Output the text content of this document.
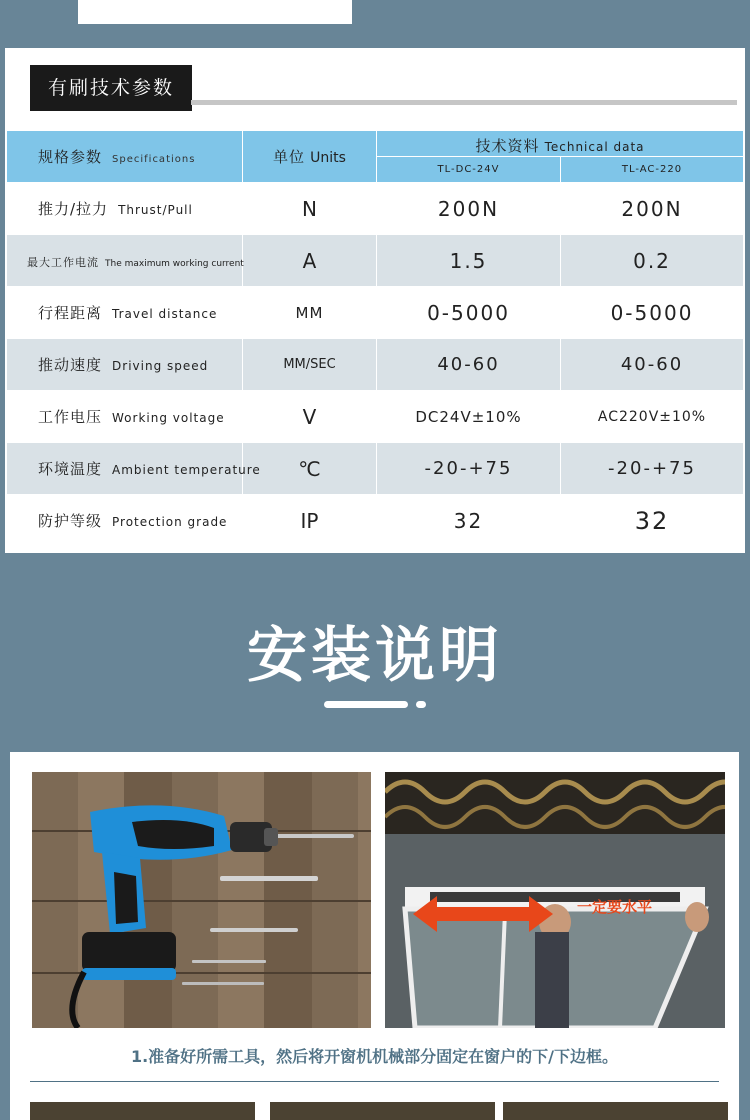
有刷技术参数
规格参数 Specifications	单位 Units	技术资料 Technical data	
		TL-DC-24V	TL-AC-220
推力/拉力 Thrust/Pull	N	200N	200N
最大工作电流 The maximum working current	A	1.5	0.2
行程距离 Travel distance	MM	0-5000	0-5000
推动速度 Driving speed	MM/SEC	40-60	40-60
工作电压 Working voltage	V	DC24V±10%	AC220V±10%
环境温度 Ambient temperature	℃	-20-+75	-20-+75
防护等级 Protection grade	IP	32	32
安装说明
一定要水平
1.准备好所需工具，然后将开窗机机械部分固定在窗户的下/下边框。
